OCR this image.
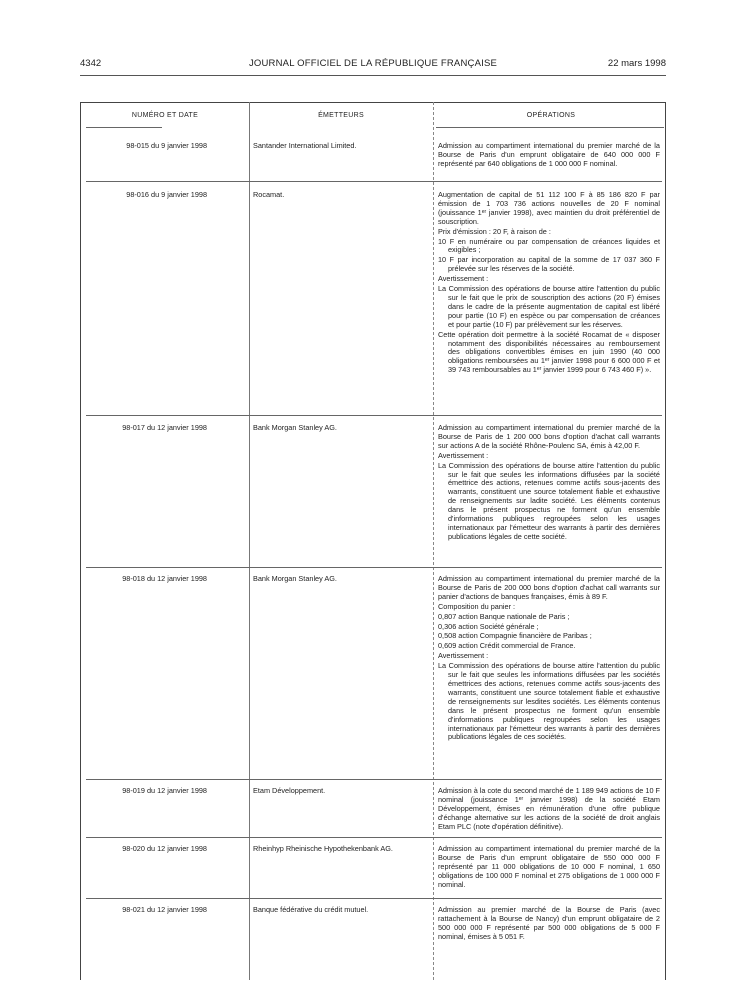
4342	JOURNAL OFFICIEL DE LA RÉPUBLIQUE FRANÇAISE	22 mars 1998
NUMÉRO ET DATE	ÉMETTEURS	OPÉRATIONS
98-015 du 9 janvier 1998	Santander International Limited.	Admission au compartiment international du premier marché de la Bourse de Paris d'un emprunt obligataire de 640 000 000 F représenté par 640 obligations de 1 000 000 F nominal.

98-016 du 9 janvier 1998	Rocamat.	Augmentation de capital de 51 112 100 F à 85 186 820 F par émission de 1 703 736 actions nouvelles de 20 F nominal (jouissance 1er janvier 1998), avec maintien du droit préférentiel de souscription.

Prix d'émission : 20 F, à raison de :

10 F en numéraire ou par compensation de créances liquides et exigibles ;

10 F par incorporation au capital de la somme de 17 037 360 F prélevée sur les réserves de la société.

Avertissement :

La Commission des opérations de bourse attire l'attention du public sur le fait que le prix de souscription des actions (20 F) émises dans le cadre de la présente augmentation de capital est libéré pour partie (10 F) en espèce ou par compensation de créances et pour partie (10 F) par prélèvement sur les réserves.

Cette opération doit permettre à la société Rocamat de « disposer notamment des disponibilités nécessaires au remboursement des obligations convertibles émises en juin 1990 (40 000 obligations remboursées au 1er janvier 1998 pour 6 600 000 F et 39 743 remboursables au 1er janvier 1999 pour 6 743 460 F) ».

98-017 du 12 janvier 1998	Bank Morgan Stanley AG.	Admission au compartiment international du premier marché de la Bourse de Paris de 1 200 000 bons d'option d'achat call warrants sur actions A de la société Rhône-Poulenc SA, émis à 42,00 F.

Avertissement :

La Commission des opérations de bourse attire l'attention du public sur le fait que seules les informations diffusées par la société émettrice des actions, retenues comme actifs sous-jacents des warrants, constituent une source totalement fiable et exhaustive de renseignements sur ladite société. Les éléments contenus dans le présent prospectus ne forment qu'un ensemble d'informations publiques regroupées selon les usages internationaux par l'émetteur des warrants à partir des dernières publications légales de cette société.

98-018 du 12 janvier 1998	Bank Morgan Stanley AG.	Admission au compartiment international du premier marché de la Bourse de Paris de 200 000 bons d'option d'achat call warrants sur panier d'actions de banques françaises, émis à 89 F.

Composition du panier :

0,807 action Banque nationale de Paris ;

0,306 action Société générale ;

0,508 action Compagnie financière de Paribas ;

0,609 action Crédit commercial de France.

Avertissement :

La Commission des opérations de bourse attire l'attention du public sur le fait que seules les informations diffusées par les sociétés émettrices des actions, retenues comme actifs sous-jacents des warrants, constituent une source totalement fiable et exhaustive de renseignements sur lesdites sociétés. Les éléments contenus dans le présent prospectus ne forment qu'un ensemble d'informations publiques regroupées selon les usages internationaux par l'émetteur des warrants à partir des dernières publications légales de ces sociétés.

98-019 du 12 janvier 1998	Etam Développement.	Admission à la cote du second marché de 1 189 949 actions de 10 F nominal (jouissance 1er janvier 1998) de la société Etam Développement, émises en rémunération d'une offre publique d'échange alternative sur les actions de la société de droit anglais Etam PLC (note d'opération définitive).

98-020 du 12 janvier 1998	Rheinhyp Rheinische Hypothekenbank AG.	Admission au compartiment international du premier marché de la Bourse de Paris d'un emprunt obligataire de 550 000 000 F représenté par 11 000 obligations de 10 000 F nominal, 1 650 obligations de 100 000 F nominal et 275 obligations de 1 000 000 F nominal.

98-021 du 12 janvier 1998	Banque fédérative du crédit mutuel.	Admission au premier marché de la Bourse de Paris (avec rattachement à la Bourse de Nancy) d'un emprunt obligataire de 2 500 000 000 F représenté par 500 000 obligations de 5 000 F nominal, émises à 5 051 F.
